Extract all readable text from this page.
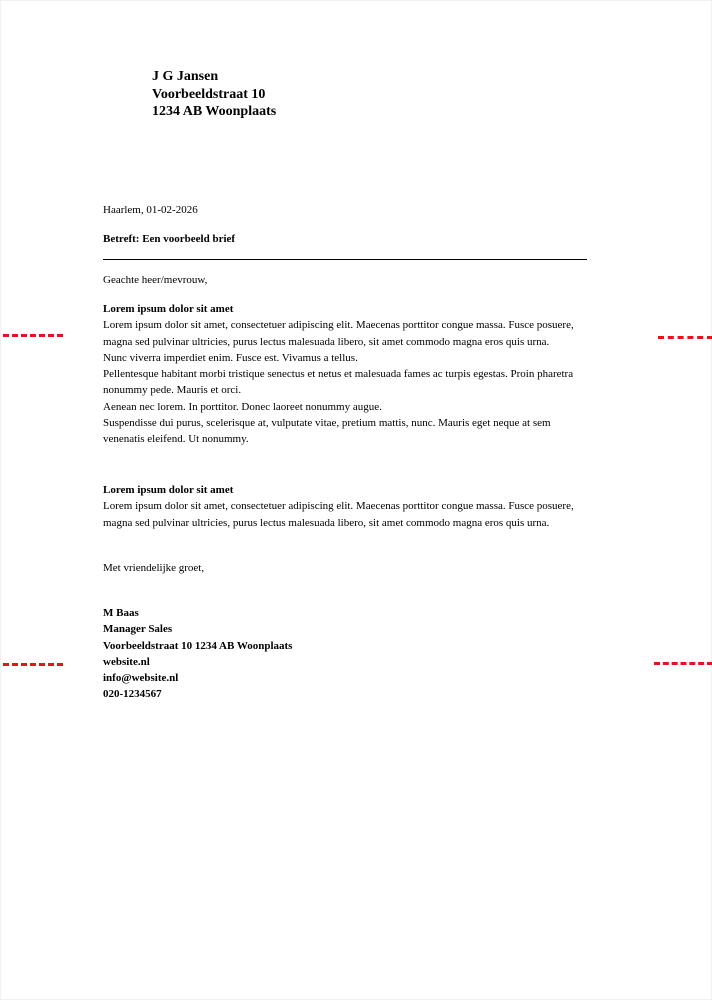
J G Jansen
Voorbeeldstraat 10
1234 AB Woonplaats
Haarlem, 01-02-2026
Betreft: Een voorbeeld brief
Geachte heer/mevrouw,
Lorem ipsum dolor sit amet
Lorem ipsum dolor sit amet, consectetuer adipiscing elit. Maecenas porttitor congue massa. Fusce posuere, magna sed pulvinar ultricies, purus lectus malesuada libero, sit amet commodo magna eros quis urna.
Nunc viverra imperdiet enim. Fusce est. Vivamus a tellus.
Pellentesque habitant morbi tristique senectus et netus et malesuada fames ac turpis egestas. Proin pharetra nonummy pede. Mauris et orci.
Aenean nec lorem. In porttitor. Donec laoreet nonummy augue.
Suspendisse dui purus, scelerisque at, vulputate vitae, pretium mattis, nunc. Mauris eget neque at sem venenatis eleifend. Ut nonummy.
Lorem ipsum dolor sit amet
Lorem ipsum dolor sit amet, consectetuer adipiscing elit. Maecenas porttitor congue massa. Fusce posuere, magna sed pulvinar ultricies, purus lectus malesuada libero, sit amet commodo magna eros quis urna.
Met vriendelijke groet,
M Baas
Manager Sales
Voorbeeldstraat 10 1234 AB Woonplaats
website.nl
info@website.nl
020-1234567
